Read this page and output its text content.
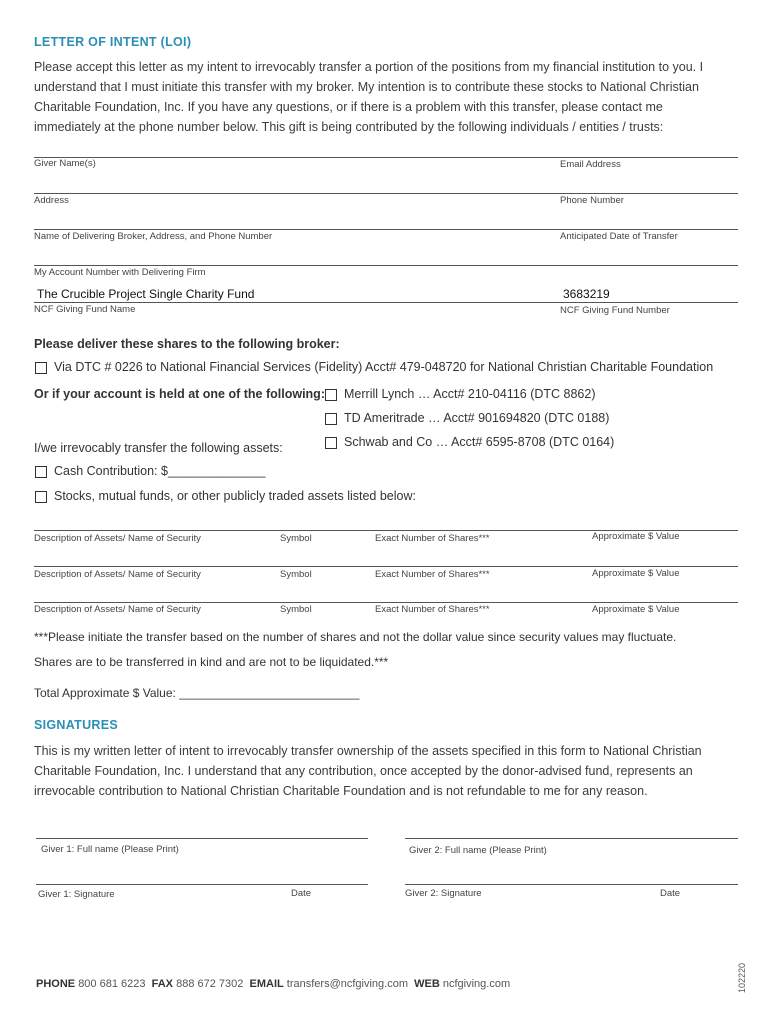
LETTER OF INTENT (LOI)
Please accept this letter as my intent to irrevocably transfer a portion of the positions from my financial institution to you. I
understand that I must initiate this transfer with my broker. My intention is to contribute these stocks to National Christian
Charitable Foundation, Inc. If you have any questions, or if there is a problem with this transfer, please contact me
immediately at the phone number below. This gift is being contributed by the following individuals / entities / trusts:
Giver Name(s)	Email Address
Address	Phone Number
Name of Delivering Broker, Address, and Phone Number	Anticipated Date of Transfer
My Account Number with Delivering Firm
The Crucible Project Single Charity Fund	3683219
NCF Giving Fund Name	NCF Giving Fund Number
Please deliver these shares to the following broker:
Via DTC # 0226 to National Financial Services (Fidelity) Acct# 479-048720 for National Christian Charitable Foundation
Or if your account is held at one of the following: Merrill Lynch … Acct# 210-04116 (DTC 8862)
TD Ameritrade … Acct# 901694820 (DTC 0188)
Schwab and Co … Acct# 6595-8708 (DTC 0164)
I/we irrevocably transfer the following assets:
Cash Contribution: $______________
Stocks, mutual funds, or other publicly traded assets listed below:
Description of Assets/ Name of Security	Symbol	Exact Number of Shares***	Approximate $ Value
Description of Assets/ Name of Security	Symbol	Exact Number of Shares***	Approximate $ Value
Description of Assets/ Name of Security	Symbol	Exact Number of Shares***	Approximate $ Value
***Please initiate the transfer based on the number of shares and not the dollar value since security values may fluctuate.
Shares are to be transferred in kind and are not to be liquidated.***
Total Approximate $ Value: ___________________________
SIGNATURES
This is my written letter of intent to irrevocably transfer ownership of the assets specified in this form to National Christian
Charitable Foundation, Inc. I understand that any contribution, once accepted by the donor-advised fund, represents an
irrevocable contribution to National Christian Charitable Foundation and is not refundable to me for any reason.
Giver 1: Full name (Please Print)	Giver 2: Full name (Please Print)
Giver 1: Signature	Date	Giver 2: Signature	Date
PHONE 800 681 6223 FAX 888 672 7302 EMAIL transfers@ncfgiving.com WEB ncfgiving.com	102220
